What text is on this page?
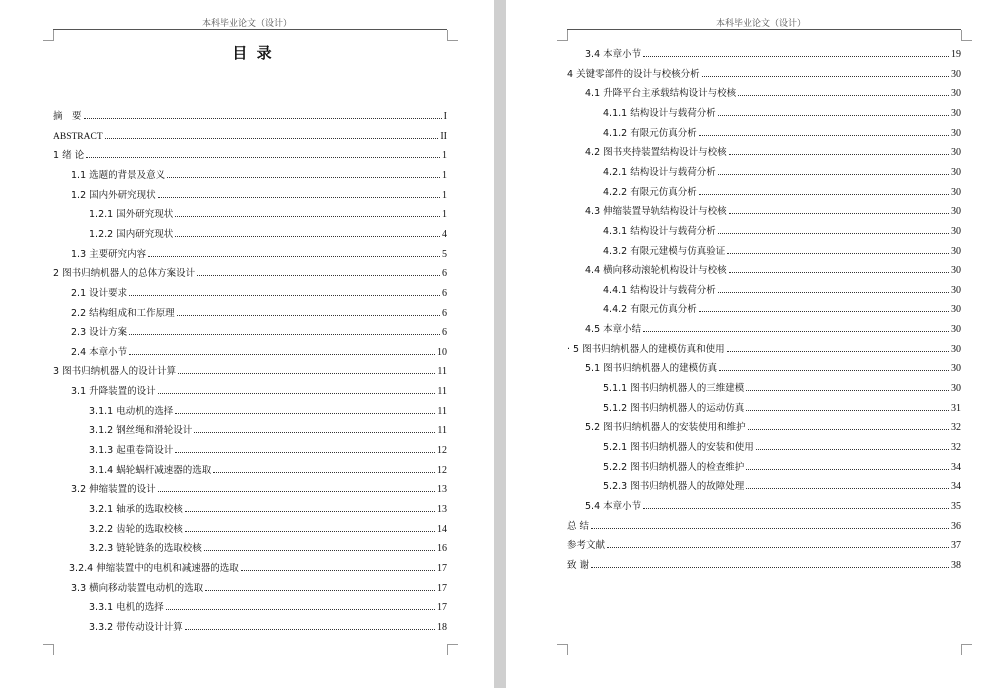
本科毕业论文（设计）
目 录
摘　要	I
ABSTRACT	II
1 绪 论	1
1.1 选题的背景及意义	1
1.2 国内外研究现状	1
1.2.1 国外研究现状	1
1.2.2 国内研究现状	4
1.3 主要研究内容	5
2 图书归纳机器人的总体方案设计	6
2.1 设计要求	6
2.2 结构组成和工作原理	6
2.3 设计方案	6
2.4 本章小节	10
3 图书归纳机器人的设计计算	11
3.1 升降装置的设计	11
3.1.1 电动机的选择	11
3.1.2 钢丝绳和滑轮设计	11
3.1.3 起重卷筒设计	12
3.1.4 蜗轮蜗杆减速器的选取	12
3.2 伸缩装置的设计	13
3.2.1 轴承的选取校核	13
3.2.2 齿轮的选取校核	14
3.2.3 链轮链条的选取校核	16
3.2.4 伸缩装置中的电机和减速器的选取	17
3.3 横向移动装置电动机的选取	17
3.3.1 电机的选择	17
3.3.2 带传动设计计算	18
本科毕业论文（设计）
3.4 本章小节	19
4 关键零部件的设计与校核分析	30
4.1 升降平台主承载结构设计与校核	30
4.1.1 结构设计与载荷分析	30
4.1.2 有限元仿真分析	30
4.2 图书夹持装置结构设计与校核	30
4.2.1 结构设计与载荷分析	30
4.2.2 有限元仿真分析	30
4.3 伸缩装置导轨结构设计与校核	30
4.3.1 结构设计与载荷分析	30
4.3.2 有限元建模与仿真验证	30
4.4 横向移动滚轮机构设计与校核	30
4.4.1 结构设计与载荷分析	30
4.4.2 有限元仿真分析	30
4.5 本章小结	30
· 5 图书归纳机器人的建模仿真和使用	30
5.1 图书归纳机器人的建模仿真	30
5.1.1 图书归纳机器人的三维建模	30
5.1.2 图书归纳机器人的运动仿真	31
5.2 图书归纳机器人的安装使用和维护	32
5.2.1 图书归纳机器人的安装和使用	32
5.2.2 图书归纳机器人的检查维护	34
5.2.3 图书归纳机器人的故障处理	34
5.4 本章小节	35
总 结	36
参考文献	37
致 谢	38
